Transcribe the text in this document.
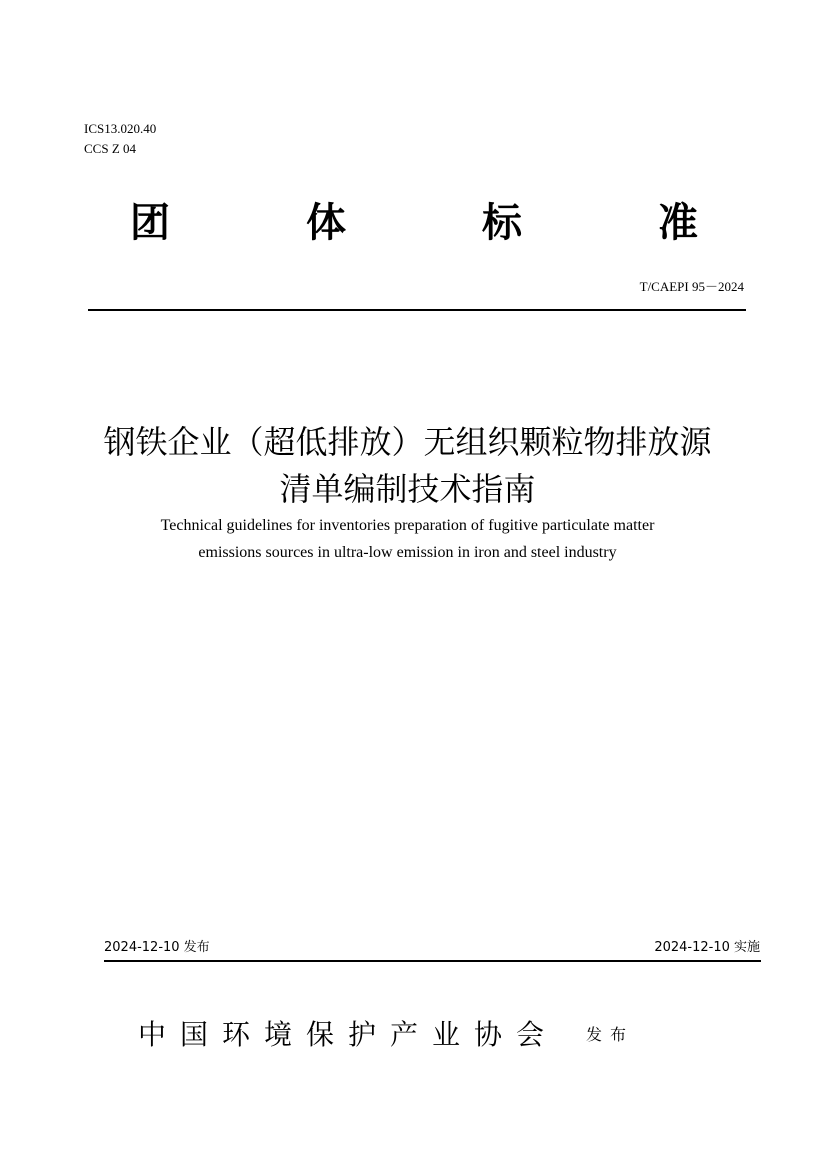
ICS13.020.40
CCS Z 04
团	体	标	准
T/CAEPI 95－2024
钢铁企业（超低排放）无组织颗粒物排放源
清单编制技术指南
Technical guidelines for inventories preparation of fugitive particulate matter
emissions sources in ultra-low emission in iron and steel industry
2024-12-10 发布	2024-12-10 实施
中国环境保护产业协会 发布
